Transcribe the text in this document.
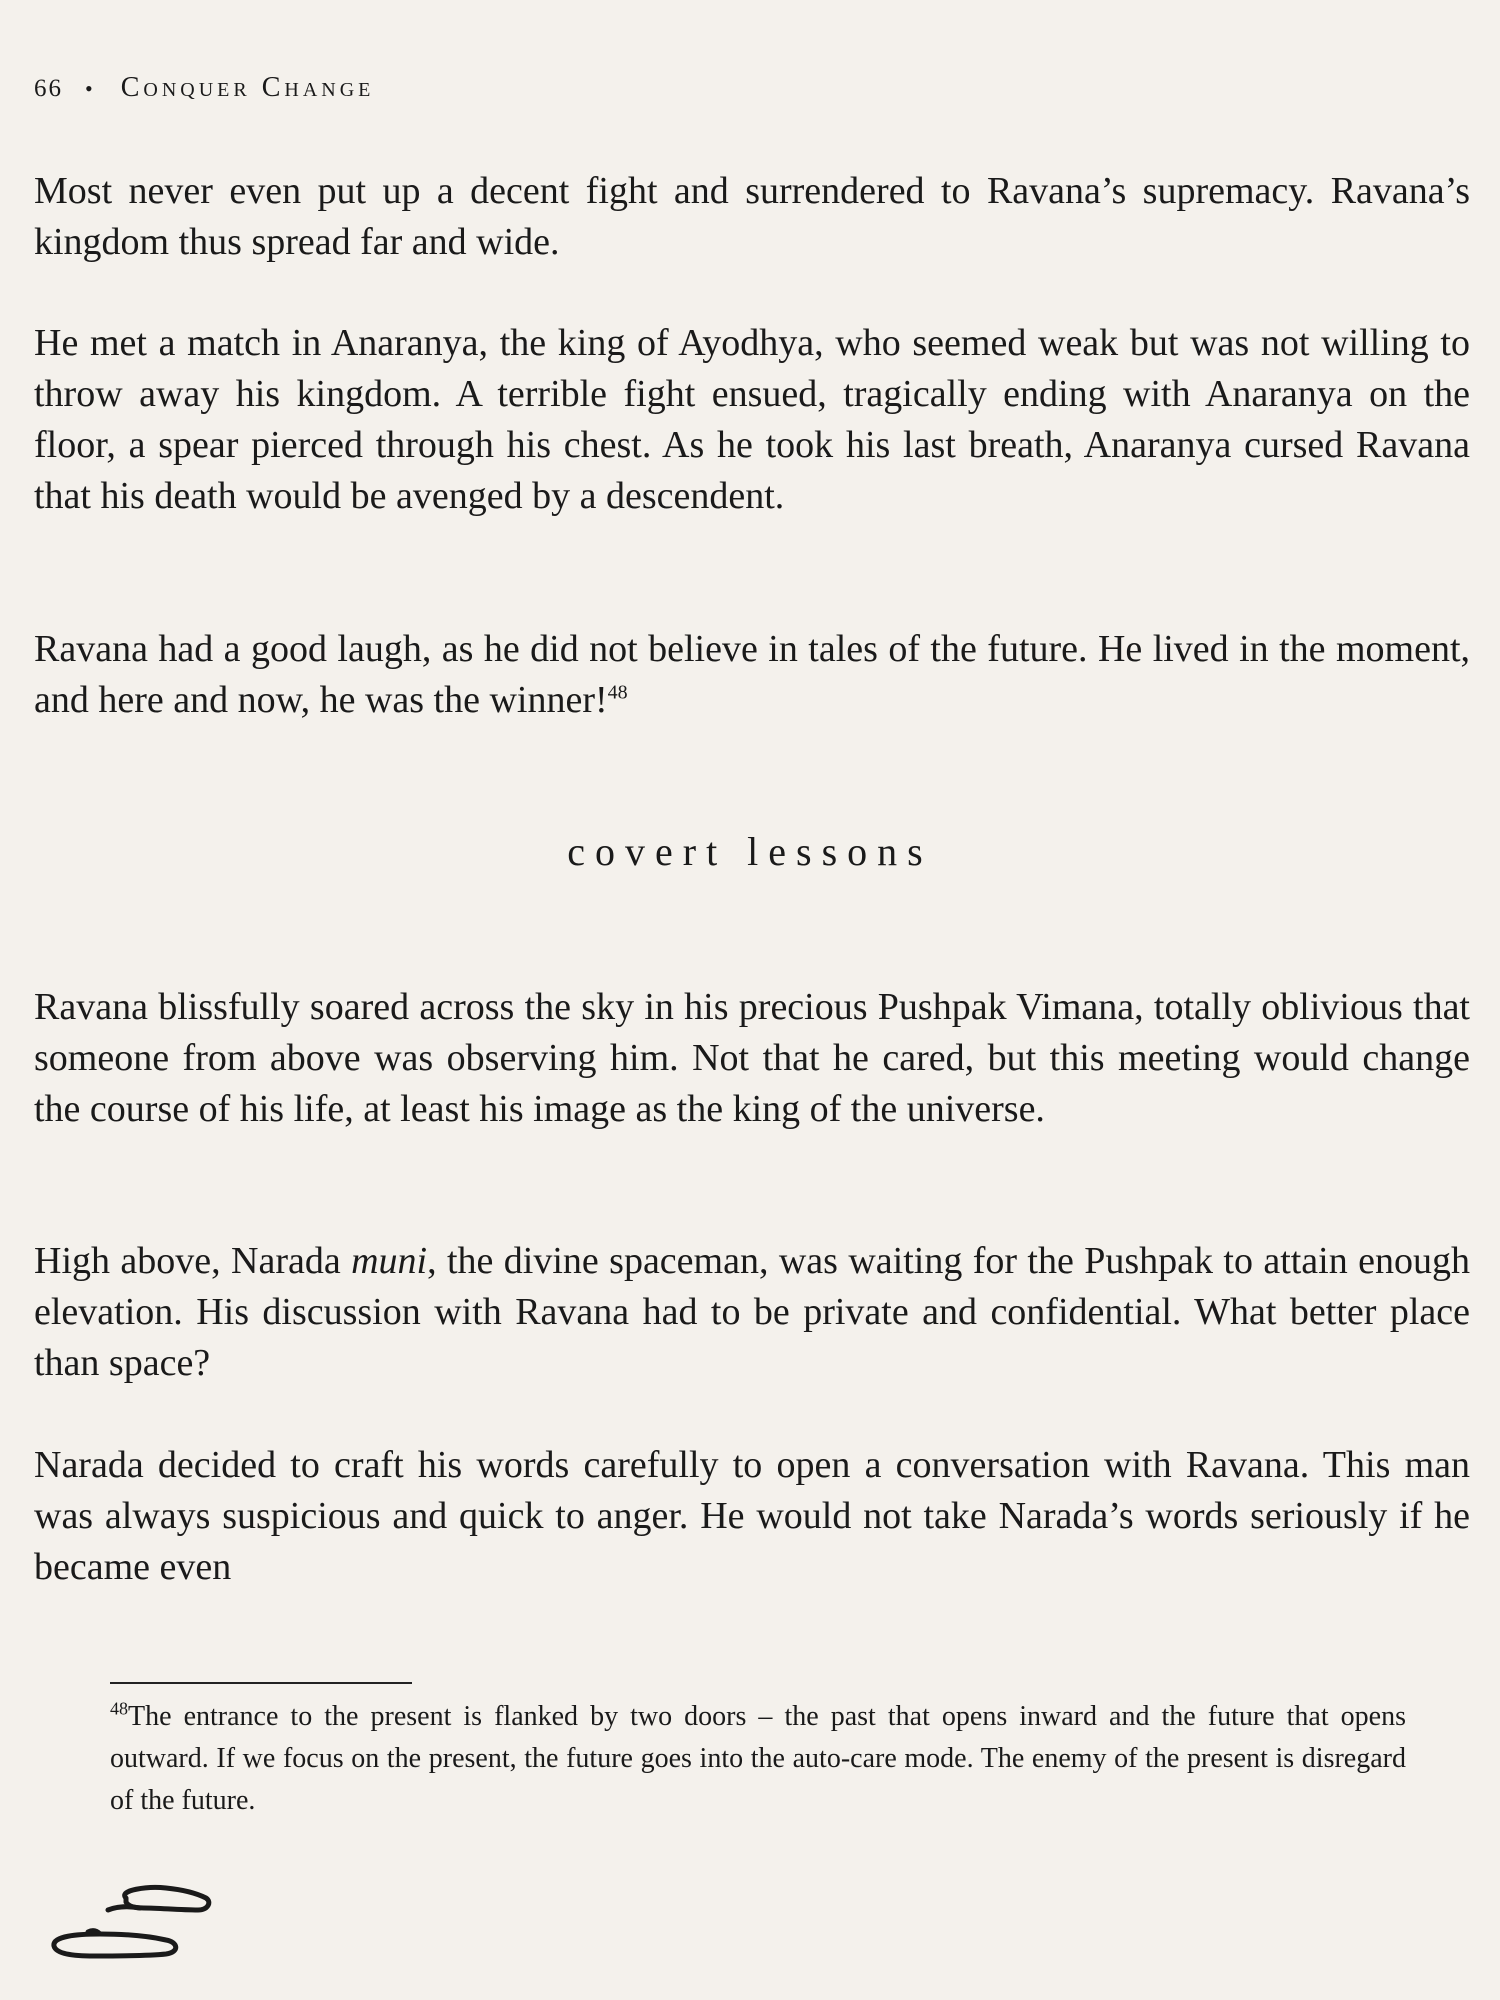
66 • Conquer Change

Most never even put up a decent fight and surrendered to Ravana’s supremacy. Ravana’s kingdom thus spread far and wide.

He met a match in Anaranya, the king of Ayodhya, who seemed weak but was not willing to throw away his kingdom. A terrible fight ensued, tragically ending with Anaranya on the floor, a spear pierced through his chest. As he took his last breath, Anaranya cursed Ravana that his death would be avenged by a descendent.

Ravana had a good laugh, as he did not believe in tales of the future. He lived in the moment, and here and now, he was the winner!$^{48}$

covert lessons

Ravana blissfully soared across the sky in his precious Pushpak Vimana, totally oblivious that someone from above was observing him. Not that he cared, but this meeting would change the course of his life, at least his image as the king of the universe.

High above, Narada muni, the divine spaceman, was waiting for the Pushpak to attain enough elevation. His discussion with Ravana had to be private and confidential. What better place than space?

Narada decided to craft his words carefully to open a conversation with Ravana. This man was always suspicious and quick to anger. He would not take Narada’s words seriously if he became even

$^{48}$The entrance to the present is flanked by two doors – the past that opens inward and the future that opens outward. If we focus on the present, the future goes into the auto-care mode. The enemy of the present is disregard of the future.
